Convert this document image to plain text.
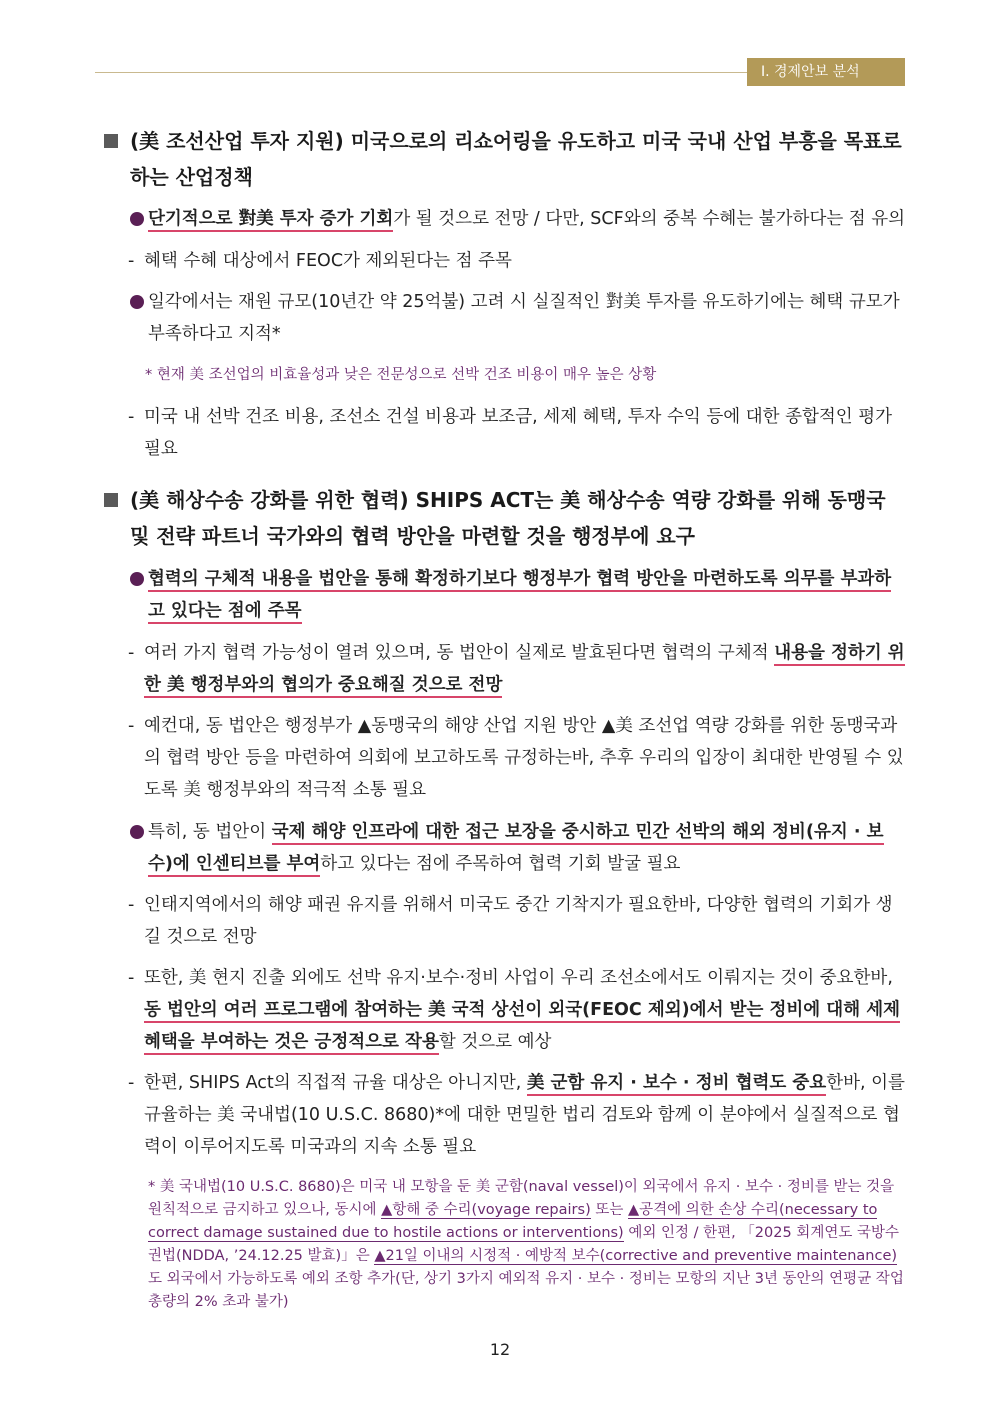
Ⅰ. 경제안보 분석
(美 조선산업 투자 지원) 미국으로의 리쇼어링을 유도하고 미국 국내 산업 부흥을 목표로 하는 산업정책
단기적으로 對美 투자 증가 기회가 될 것으로 전망 / 다만, SCF와의 중복 수혜는 불가하다는 점 유의
- 혜택 수혜 대상에서 FEOC가 제외된다는 점 주목
일각에서는 재원 규모(10년간 약 25억불) 고려 시 실질적인 對美 투자를 유도하기에는 혜택 규모가 부족하다고 지적*
* 현재 美 조선업의 비효율성과 낮은 전문성으로 선박 건조 비용이 매우 높은 상황
- 미국 내 선박 건조 비용, 조선소 건설 비용과 보조금, 세제 혜택, 투자 수익 등에 대한 종합적인 평가 필요
(美 해상수송 강화를 위한 협력) SHIPS ACT는 美 해상수송 역량 강화를 위해 동맹국 및 전략 파트너 국가와의 협력 방안을 마련할 것을 행정부에 요구
협력의 구체적 내용을 법안을 통해 확정하기보다 행정부가 협력 방안을 마련하도록 의무를 부과하고 있다는 점에 주목
- 여러 가지 협력 가능성이 열려 있으며, 동 법안이 실제로 발효된다면 협력의 구체적 내용을 정하기 위한 美 행정부와의 협의가 중요해질 것으로 전망
- 예컨대, 동 법안은 행정부가 ▲동맹국의 해양 산업 지원 방안 ▲美 조선업 역량 강화를 위한 동맹국과의 협력 방안 등을 마련하여 의회에 보고하도록 규정하는바, 추후 우리의 입장이 최대한 반영될 수 있도록 美 행정부와의 적극적 소통 필요
특히, 동 법안이 국제 해양 인프라에 대한 접근 보장을 중시하고 민간 선박의 해외 정비(유지 · 보수)에 인센티브를 부여하고 있다는 점에 주목하여 협력 기회 발굴 필요
- 인태지역에서의 해양 패권 유지를 위해서 미국도 중간 기착지가 필요한바, 다양한 협력의 기회가 생길 것으로 전망
- 또한, 美 현지 진출 외에도 선박 유지·보수·정비 사업이 우리 조선소에서도 이뤄지는 것이 중요한바, 동 법안의 여러 프로그램에 참여하는 美 국적 상선이 외국(FEOC 제외)에서 받는 정비에 대해 세제 혜택을 부여하는 것은 긍정적으로 작용할 것으로 예상
- 한편, SHIPS Act의 직접적 규율 대상은 아니지만, 美 군함 유지 · 보수 · 정비 협력도 중요한바, 이를 규율하는 美 국내법(10 U.S.C. 8680)*에 대한 면밀한 법리 검토와 함께 이 분야에서 실질적으로 협력이 이루어지도록 미국과의 지속 소통 필요
* 美 국내법(10 U.S.C. 8680)은 미국 내 모항을 둔 美 군함(naval vessel)이 외국에서 유지 · 보수 · 정비를 받는 것을 원칙적으로 금지하고 있으나, 동시에 ▲항해 중 수리(voyage repairs) 또는 ▲공격에 의한 손상 수리(necessary to correct damage sustained due to hostile actions or interventions) 예외 인정 / 한편, 「2025 회계연도 국방수권법(NDDA, ’24.12.25 발효)」은 ▲21일 이내의 시정적 · 예방적 보수(corrective and preventive maintenance)도 외국에서 가능하도록 예외 조항 추가(단, 상기 3가지 예외적 유지 · 보수 · 정비는 모항의 지난 3년 동안의 연평균 작업 총량의 2% 초과 불가)
12
